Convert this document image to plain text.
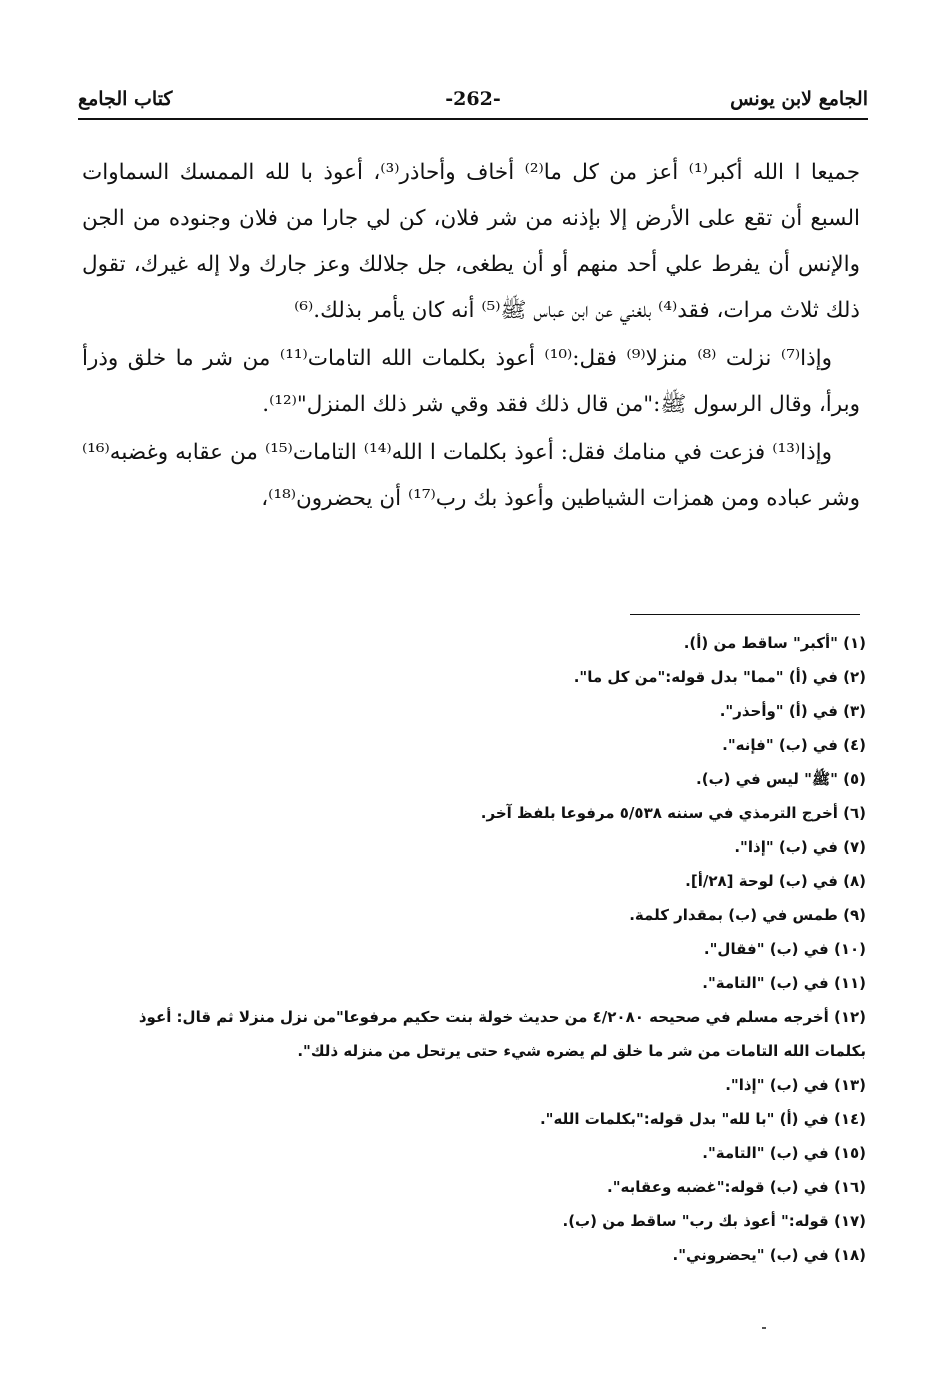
الجامع لابن يونس
-262-
كتاب الجامع

جميعا ا الله أكبر⁽¹⁾ أعز من كل ما⁽²⁾ أخاف وأحاذر⁽³⁾، أعوذ با لله الممسك السماوات السبع أن تقع على الأرض إلا بإذنه من شر فلان، كن لي جارا من فلان وجنوده من الجن والإنس أن يفرط علي أحد منهم أو أن يطغى، جل جلالك وعز جارك ولا إله غيرك، تقول ذلك ثلاث مرات، فقد⁽⁴⁾ بلغني عن ابن عباس ﷺ⁽⁵⁾ أنه كان يأمر بذلك.⁽⁶⁾

وإذا⁽⁷⁾ نزلت ⁽⁸⁾ منزلا⁽⁹⁾ فقل:⁽¹⁰⁾ أعوذ بكلمات الله التامات⁽¹¹⁾ من شر ما خلق وذرأ وبرأ، وقال الرسول ﷺ:"من قال ذلك فقد وقي شر ذلك المنزل"⁽¹²⁾.

وإذا⁽¹³⁾ فزعت في منامك فقل: أعوذ بكلمات ا الله⁽¹⁴⁾ التامات⁽¹⁵⁾ من عقابه وغضبه⁽¹⁶⁾ وشر عباده ومن همزات الشياطين وأعوذ بك رب⁽¹⁷⁾ أن يحضرون⁽¹⁸⁾،

(١) "أكبر" ساقط من (أ).

(٢) في (أ) "مما" بدل قوله:"من كل ما".

(٣) في (أ) "وأحذر".

(٤) في (ب) "فإنه".

(٥) "ﷺ" ليس في (ب).

(٦) أخرج الترمذي في سننه ٥/٥٣٨ مرفوعا بلفظ آخر.

(٧) في (ب) "إذا".

(٨) في (ب) لوحة [٢٨/أ].

(٩) طمس في (ب) بمقدار كلمة.

(١٠) في (ب) "فقال".

(١١) في (ب) "التامة".

(١٢) أخرجه مسلم في صحيحه ٤/٢٠٨٠ من حديث خولة بنت حكيم مرفوعا"من نزل منزلا ثم قال: أعوذ

بكلمات الله التامات من شر ما خلق لم يضره شيء حتى يرتحل من منزله ذلك".

(١٣) في (ب) "إذا".

(١٤) في (أ) "با لله" بدل قوله:"بكلمات الله".

(١٥) في (ب) "التامة".

(١٦) في (ب) قوله:"غضبه وعقابه".

(١٧) قوله:" أعوذ بك رب" ساقط من (ب).

(١٨) في (ب) "يحضروني".
